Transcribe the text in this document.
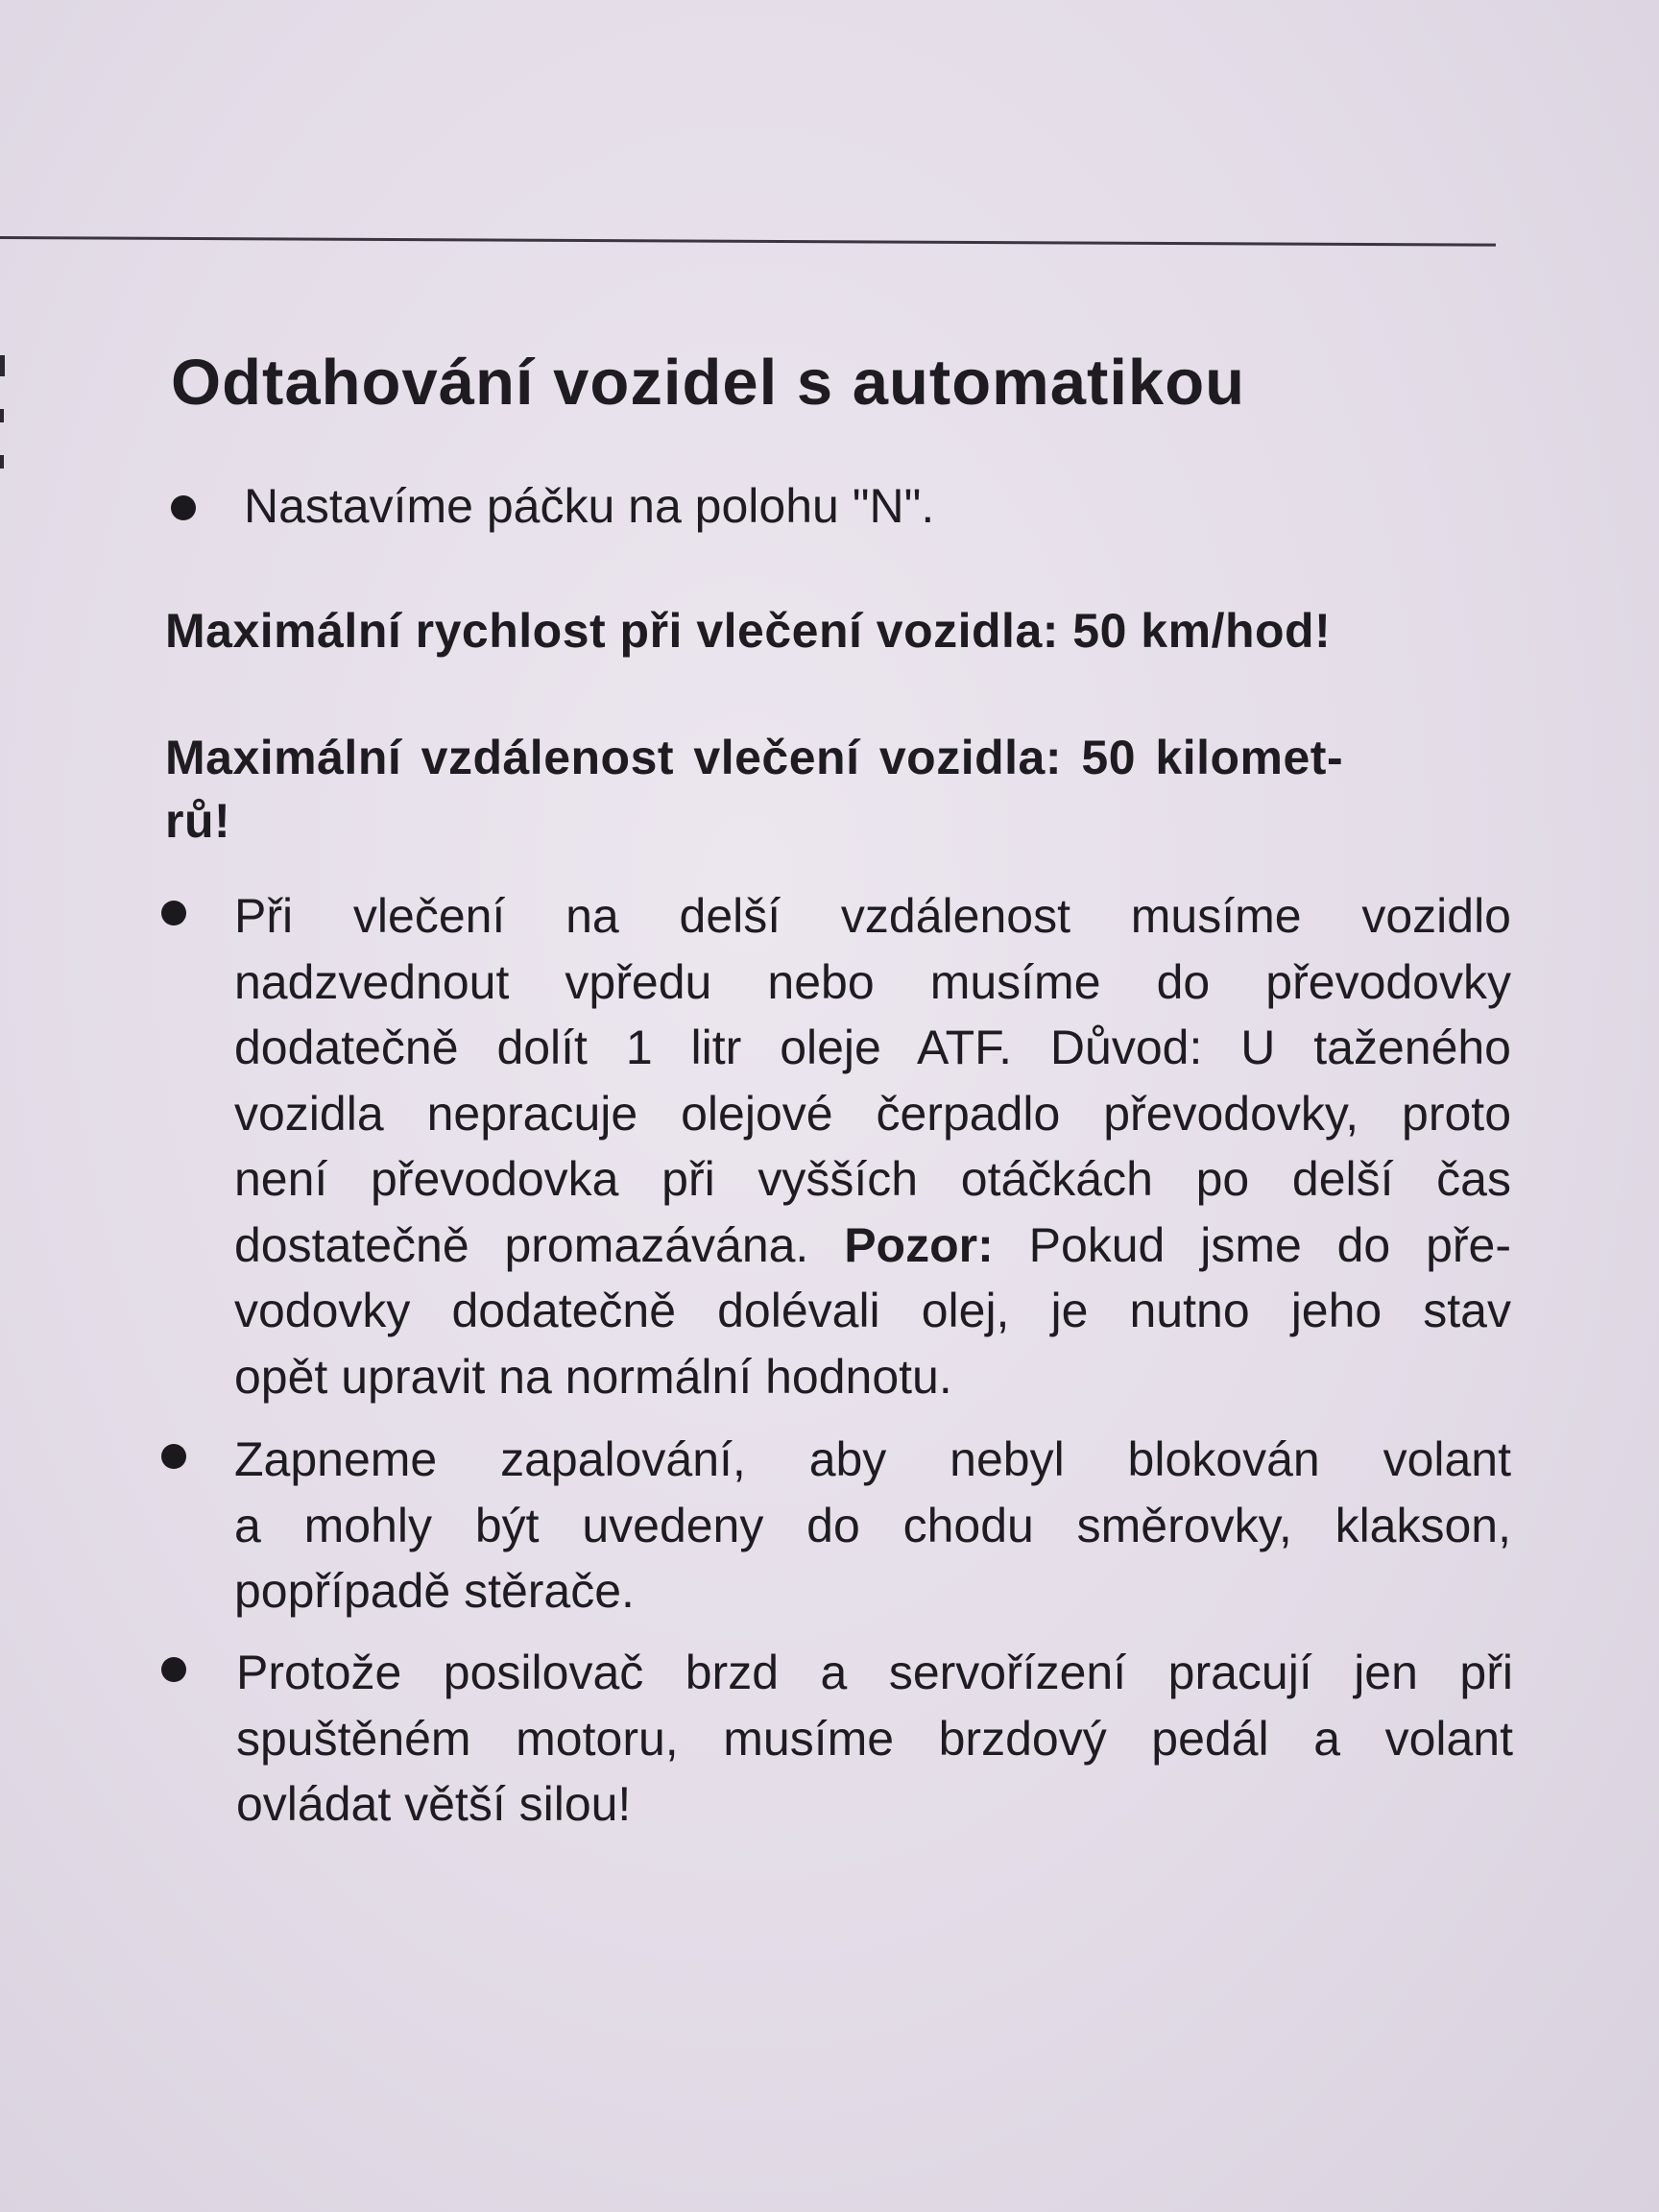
Odtahování vozidel s automatikou
Nastavíme páčku na polohu "N".
Maximální rychlost při vlečení vozidla: 50 km/hod!
Maximální vzdálenost vlečení vozidla: 50 kilomet-
rů!
Při vlečení na delší vzdálenost musíme vozidlo
nadzvednout vpředu nebo musíme do převodovky
dodatečně dolít 1 litr oleje ATF. Důvod: U taženého
vozidla nepracuje olejové čerpadlo převodovky, proto
není převodovka při vyšších otáčkách po delší čas
dostatečně promazávána. Pozor: Pokud jsme do pře-
vodovky dodatečně dolévali olej, je nutno jeho stav
opět upravit na normální hodnotu.
Zapneme zapalování, aby nebyl blokován volant
a mohly být uvedeny do chodu směrovky, klakson,
popřípadě stěrače.
Protože posilovač brzd a servořízení pracují jen při
spuštěném motoru, musíme brzdový pedál a volant
ovládat větší silou!
